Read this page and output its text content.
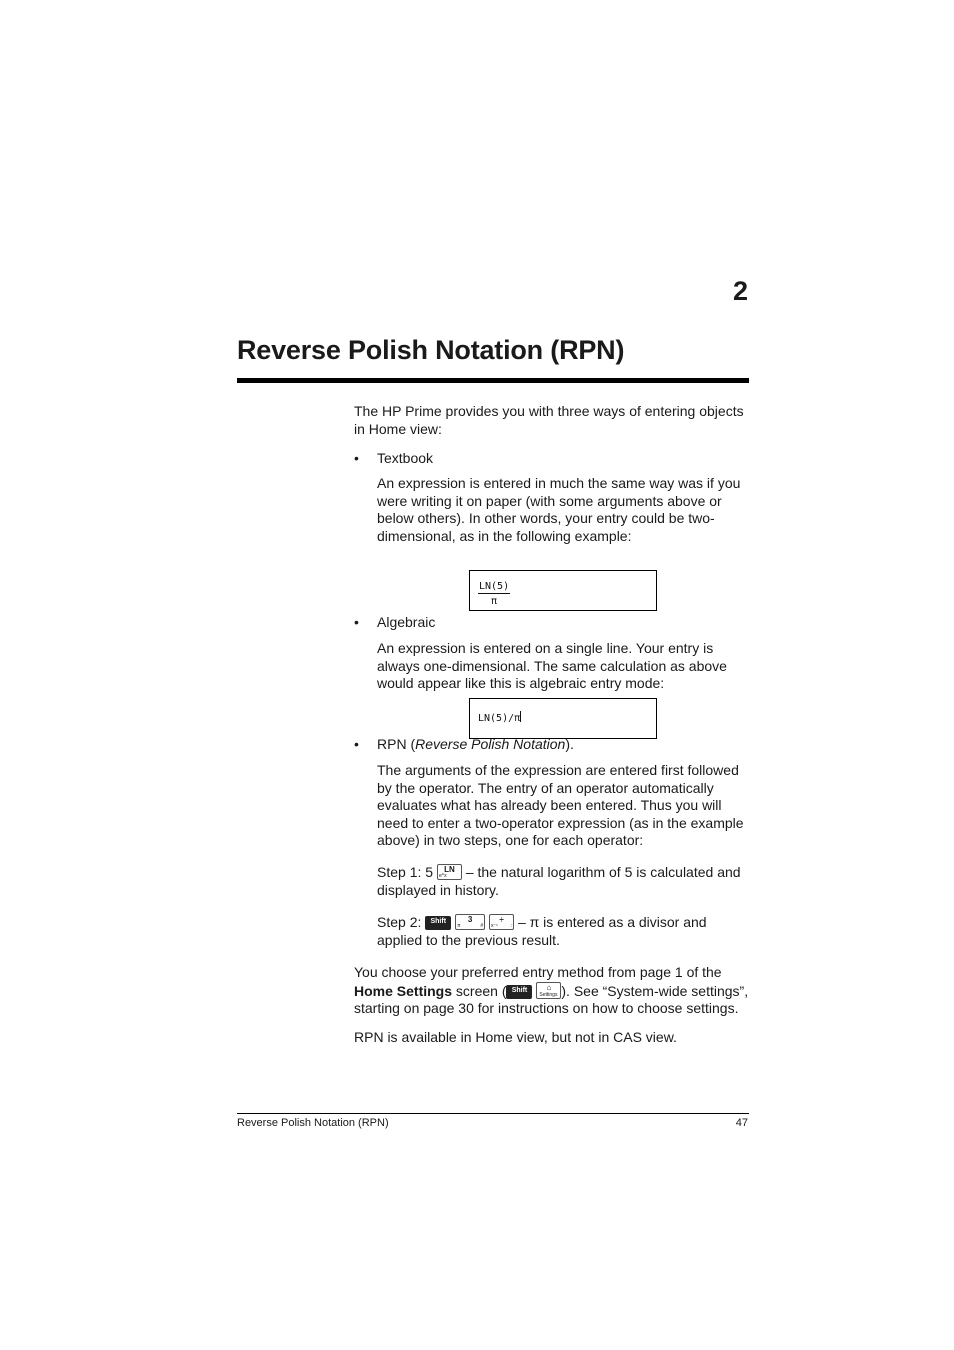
2
Reverse Polish Notation (RPN)
The HP Prime provides you with three ways of entering objects in Home view:
•	Textbook
An expression is entered in much the same way was if you were writing it on paper (with some arguments above or below others). In other words, your entry could be two-dimensional, as in the following example:
$\frac{LN(5)}{\pi}$
•	Algebraic
An expression is entered on a single line. Your entry is always one-dimensional. The same calculation as above would appear like this is algebraic entry mode:
LN(5)/π
•	RPN (Reverse Polish Notation).
The arguments of the expression are entered first followed by the operator. The entry of an operator automatically evaluates what has already been entered. Thus you will need to enter a two-operator expression (as in the example above) in two steps, one for each operator:
Step 1: 5	LN
e^x – the natural logarithm of 5 is calculated and displayed in history.
Step 2:	Shift
	3
π	#

÷
x⁻¹	: – π is entered as a divisor and applied to the previous result.
You choose your preferred entry method from page 1 of the Home Settings screen ( Shift
	⌂
Settings ). See “System-wide settings”, starting on page 30 for instructions on how to choose settings.
RPN is available in Home view, but not in CAS view.
Reverse Polish Notation (RPN)	47
